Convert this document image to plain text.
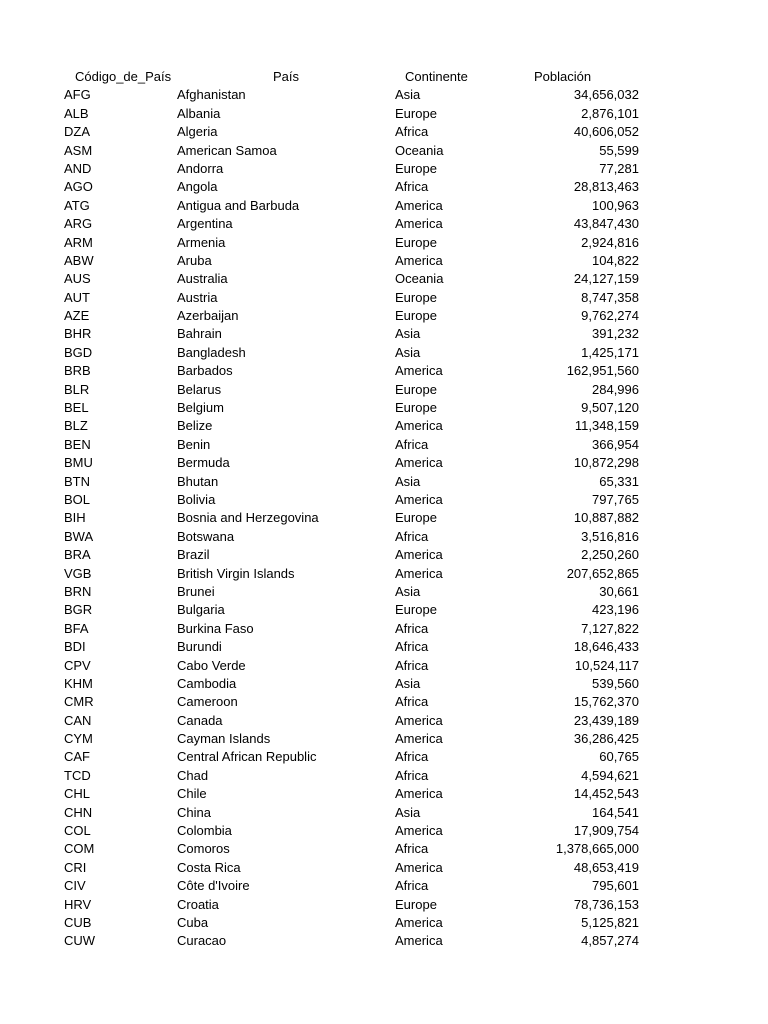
Código_de_País	País	Continente	Población
AFG	Afghanistan	Asia	34,656,032
ALB	Albania	Europe	2,876,101
DZA	Algeria	Africa	40,606,052
ASM	American Samoa	Oceania	55,599
AND	Andorra	Europe	77,281
AGO	Angola	Africa	28,813,463
ATG	Antigua and Barbuda	America	100,963
ARG	Argentina	America	43,847,430
ARM	Armenia	Europe	2,924,816
ABW	Aruba	America	104,822
AUS	Australia	Oceania	24,127,159
AUT	Austria	Europe	8,747,358
AZE	Azerbaijan	Europe	9,762,274
BHR	Bahrain	Asia	391,232
BGD	Bangladesh	Asia	1,425,171
BRB	Barbados	America	162,951,560
BLR	Belarus	Europe	284,996
BEL	Belgium	Europe	9,507,120
BLZ	Belize	America	11,348,159
BEN	Benin	Africa	366,954
BMU	Bermuda	America	10,872,298
BTN	Bhutan	Asia	65,331
BOL	Bolivia	America	797,765
BIH	Bosnia and Herzegovina	Europe	10,887,882
BWA	Botswana	Africa	3,516,816
BRA	Brazil	America	2,250,260
VGB	British Virgin Islands	America	207,652,865
BRN	Brunei	Asia	30,661
BGR	Bulgaria	Europe	423,196
BFA	Burkina Faso	Africa	7,127,822
BDI	Burundi	Africa	18,646,433
CPV	Cabo Verde	Africa	10,524,117
KHM	Cambodia	Asia	539,560
CMR	Cameroon	Africa	15,762,370
CAN	Canada	America	23,439,189
CYM	Cayman Islands	America	36,286,425
CAF	Central African Republic	Africa	60,765
TCD	Chad	Africa	4,594,621
CHL	Chile	America	14,452,543
CHN	China	Asia	164,541
COL	Colombia	America	17,909,754
COM	Comoros	Africa	1,378,665,000
CRI	Costa Rica	America	48,653,419
CIV	Côte d'Ivoire	Africa	795,601
HRV	Croatia	Europe	78,736,153
CUB	Cuba	America	5,125,821
CUW	Curacao	America	4,857,274
